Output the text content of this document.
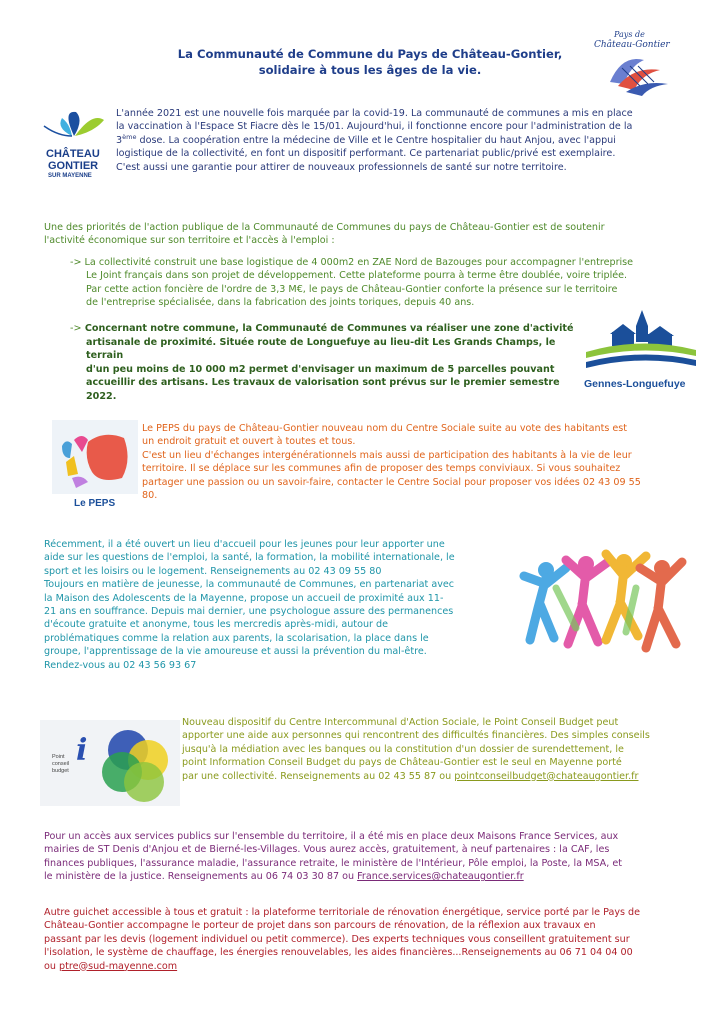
La Communauté de Commune du Pays de Château-Gontier,
solidaire à tous les âges de la vie.
Pays de
Château-Gontier
CHÂTEAU
GONTIER
SUR MAYENNE
L'année 2021 est une nouvelle fois marquée par la covid-19. La communauté de communes a mis en place
la vaccination à l'Espace St Fiacre dès le 15/01. Aujourd'hui, il fonctionne encore pour l'administration de la
3ème dose. La coopération entre la médecine de Ville et le Centre hospitalier du haut Anjou, avec l'appui
logistique de la collectivité, en font un dispositif performant. Ce partenariat public/privé est exemplaire.
C'est aussi une garantie pour attirer de nouveaux professionnels de santé sur notre territoire.
Une des priorités de l'action publique de la Communauté de Communes du pays de Château-Gontier est de soutenir
l'activité économique sur son territoire et l'accès à l'emploi :
-> La collectivité construit une base logistique de 4 000m2 en ZAE Nord de Bazouges pour accompagner l'entreprise
Le Joint français dans son projet de développement. Cette plateforme pourra à terme être doublée, voire triplée.
Par cette action foncière de l'ordre de 3,3 M€, le pays de Château-Gontier conforte la présence sur le territoire
de l'entreprise spécialisée, dans la fabrication des joints toriques, depuis 40 ans.
-> Concernant notre commune, la Communauté de Communes va réaliser une zone d'activité
artisanale de proximité. Située route de Longuefuye au lieu-dit Les Grands Champs, le terrain
d'un peu moins de 10 000 m2 permet d'envisager un maximum de 5 parcelles pouvant
accueillir des artisans. Les travaux de valorisation sont prévus sur le premier semestre 2022.
Gennes-Longuefuye
Le PEPS
Le PEPS du pays de Château-Gontier nouveau nom du Centre Sociale suite au vote des habitants est
un endroit gratuit et ouvert à toutes et tous.
C'est un lieu d'échanges intergénérationnels mais aussi de participation des habitants à la vie de leur
territoire. Il se déplace sur les communes afin de proposer des temps conviviaux. Si vous souhaitez
partager une passion ou un savoir-faire, contacter le Centre Social pour proposer vos idées 02 43 09 55
80.
Récemment, il a été ouvert un lieu d'accueil pour les jeunes pour leur apporter une
aide sur les questions de l'emploi, la santé, la formation, la mobilité internationale, le
sport et les loisirs ou le logement. Renseignements au 02 43 09 55 80
Toujours en matière de jeunesse, la communauté de Communes, en partenariat avec
la Maison des Adolescents de la Mayenne, propose un accueil de proximité aux 11-
21 ans en souffrance. Depuis mai dernier, une psychologue assure des permanences
d'écoute gratuite et anonyme, tous les mercredis après-midi, autour de
problématiques comme la relation aux parents, la scolarisation, la place dans le
groupe, l'apprentissage de la vie amoureuse et aussi la prévention du mal-être.
Rendez-vous au 02 43 56 93 67
i
Point
conseil
budget
Nouveau dispositif du Centre Intercommunal d'Action Sociale, le Point Conseil Budget peut
apporter une aide aux personnes qui rencontrent des difficultés financières. Des simples conseils
jusqu'à la médiation avec les banques ou la constitution d'un dossier de surendettement, le
point Information Conseil Budget du pays de Château-Gontier est le seul en Mayenne porté
par une collectivité. Renseignements au 02 43 55 87 ou pointconseilbudget@chateaugontier.fr
Pour un accès aux services publics sur l'ensemble du territoire, il a été mis en place deux Maisons France Services, aux
mairies de ST Denis d'Anjou et de Bierné-les-Villages. Vous aurez accès, gratuitement, à neuf partenaires : la CAF, les
finances publiques, l'assurance maladie, l'assurance retraite, le ministère de l'Intérieur, Pôle emploi, la Poste, la MSA, et
le ministère de la justice. Renseignements au 06 74 03 30 87 ou France.services@chateaugontier.fr
Autre guichet accessible à tous et gratuit : la plateforme territoriale de rénovation énergétique, service porté par le Pays de
Château-Gontier accompagne le porteur de projet dans son parcours de rénovation, de la réflexion aux travaux en
passant par les devis (logement individuel ou petit commerce). Des experts techniques vous conseillent gratuitement sur
l'isolation, le système de chauffage, les énergies renouvelables, les aides financières...Renseignements au 06 71 04 04 00
ou ptre@sud-mayenne.com
